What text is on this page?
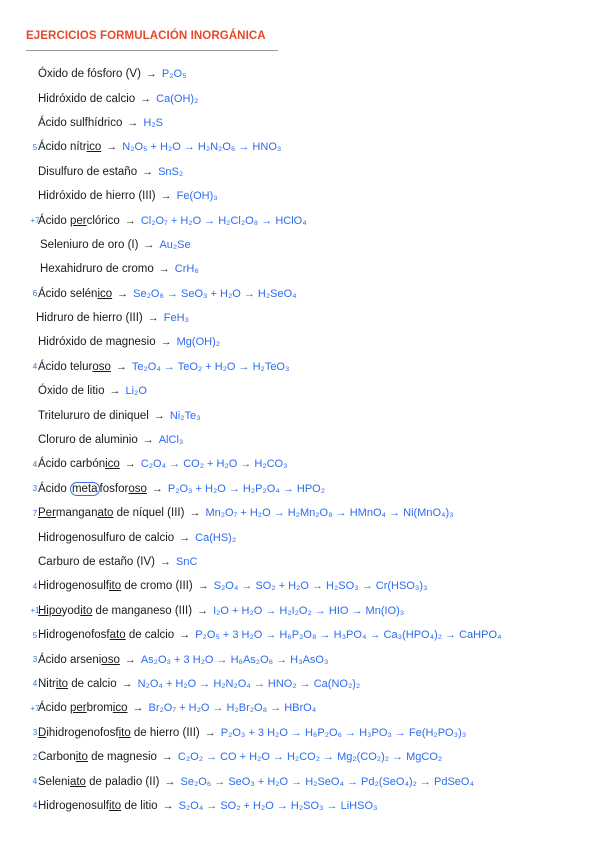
EJERCICIOS FORMULACIÓN INORGÁNICA
Óxido de fósforo (V) → P₂O₅
Hidróxido de calcio → Ca(OH)₂
Ácido sulfhídrico → H₂S
5 Ácido nítrico → N₂O₅ + H₂O → H₂N₂O₆ → HNO₃
Disulfuro de estaño → SnS₂
Hidróxido de hierro (III) → Fe(OH)₃
+7
Ácido perclórico → Cl₂O₇ + H₂O → H₂Cl₂O₈ → HClO₄
Seleniuro de oro (I) → Au₂Se
Hexahidruro de cromo → CrH₆
6 Ácido selénico → Se₂O₆ → SeO₃ + H₂O → H₂SeO₄
Hidruro de hierro (III) → FeH₃
Hidróxido de magnesio → Mg(OH)₂
4 Ácido teluroso → Te₂O₄ → TeO₂ + H₂O → H₂TeO₃
Óxido de litio → Li₂O
Tritelururo de diniquel → Ni₂Te₃
Cloruro de aluminio → AlCl₃
4 Ácido carbónico → C₂O₄ → CO₂ + H₂O → H₂CO₃
3 Ácido meta fosforoso → P₂O₃ + H₂O → H₂P₂O₄ → HPO₂
7 Permanganato de níquel (III) → Mn₂O₇ + H₂O → H₂Mn₂O₈ → HMnO₄ → Ni(MnO₄)₃
Hidrogenosulfuro de calcio → Ca(HS)₂
Carburo de estaño (IV) → SnC
4 Hidrogenosulfito de cromo (III) → S₂O₄ → SO₂ + H₂O → H₂SO₃ → Cr(HSO₃)₃
+1
Hipoyodito de manganeso (III) → I₂O + H₂O → H₂I₂O₂ → HIO → Mn(IO)₃
5 Hidrogenofosfato de calcio → P₂O₅ + 3 H₂O → H₆P₂O₈ → H₃PO₄ → Ca₃(HPO₄)₂ → CaHPO₄
3 Ácido arsenioso → As₂O₃ + 3 H₂O → H₆As₂O₆ → H₃AsO₃
4 Nitrito de calcio → N₂O₄ + H₂O → H₂N₂O₄ → HNO₂ → Ca(NO₂)₂
+7
Ácido perbromico → Br₂O₇ + H₂O → H₂Br₂O₈ → HBrO₄
3 Dihidrogenofosfito de hierro (III) → P₂O₃ + 3 H₂O → H₆P₂O₆ → H₃PO₃ → Fe(H₂PO₃)₃
2 Carbonito de magnesio → C₂O₂ → CO + H₂O → H₂CO₂ → Mg₂(CO₂)₂ → MgCO₂
4 Seleniato de paladio (II) → Se₂O₆ → SeO₃ + H₂O → H₂SeO₄ → Pd₂(SeO₄)₂ → PdSeO₄
4 Hidrogenosulfito de litio → S₂O₄ → SO₂ + H₂O → H₂SO₃ → LiHSO₃
